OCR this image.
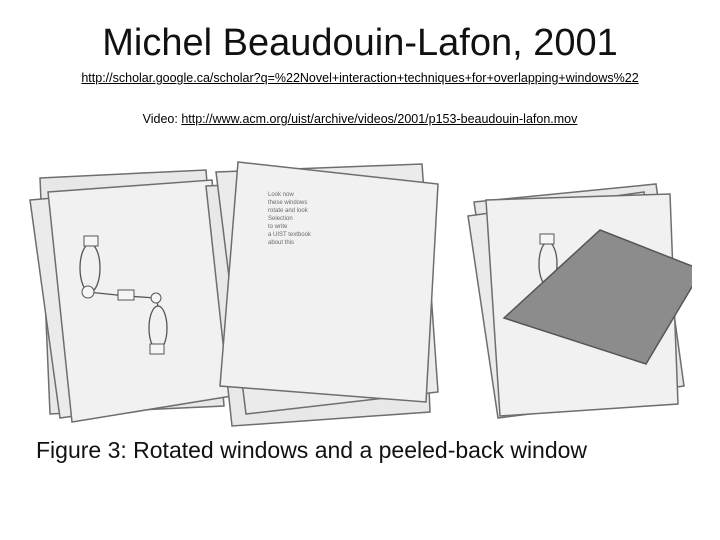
Michel Beaudouin-Lafon, 2001
http://scholar.google.ca/scholar?q=%22Novel+interaction+techniques+for+overlapping+windows%22
Video: http://www.acm.org/uist/archive/videos/2001/p153-beaudouin-lafon.mov
Look now these windows rotate and look Selection to write a UIST textbook about this
Figure 3: Rotated windows and a peeled-back window
